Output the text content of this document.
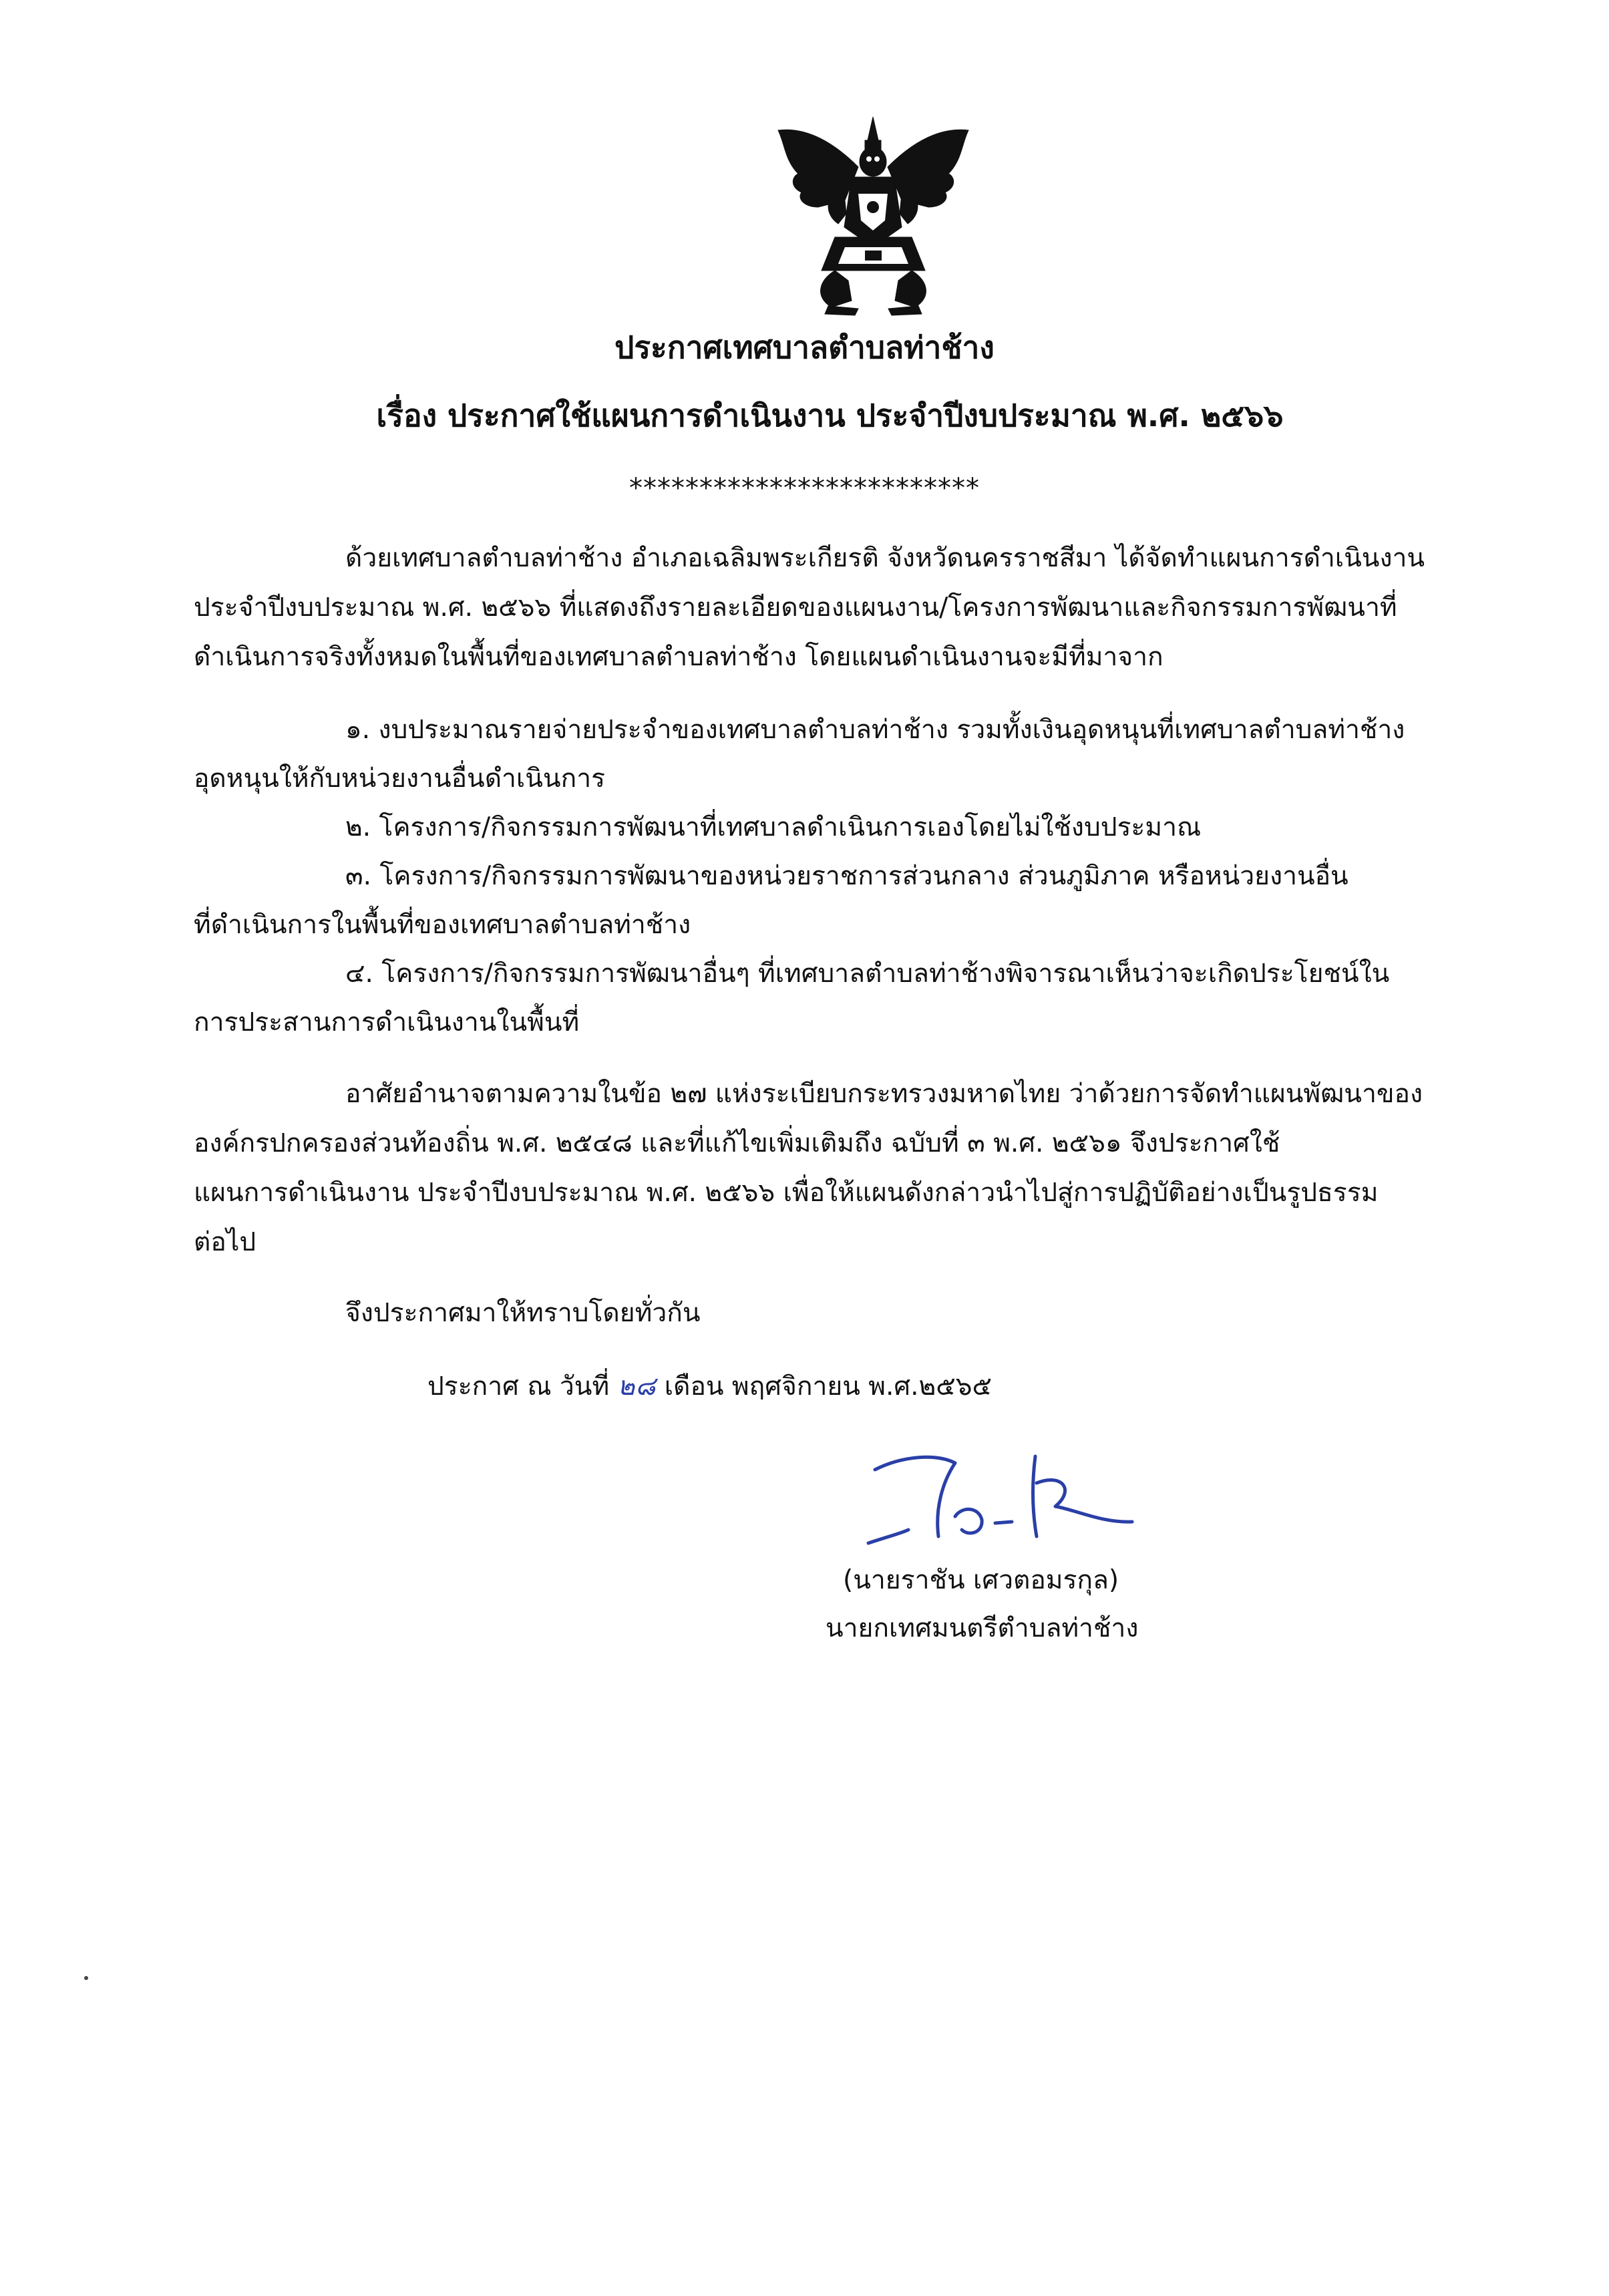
ประกาศเทศบาลตำบลท่าช้าง
เรื่อง ประกาศใช้แผนการดำเนินงาน ประจำปีงบประมาณ พ.ศ. ๒๕๖๖
*************************
ด้วยเทศบาลตำบลท่าช้าง อำเภอเฉลิมพระเกียรติ จังหวัดนครราชสีมา ได้จัดทำแผนการดำเนินงาน
ประจำปีงบประมาณ พ.ศ. ๒๕๖๖ ที่แสดงถึงรายละเอียดของแผนงาน/โครงการพัฒนาและกิจกรรมการพัฒนาที่
ดำเนินการจริงทั้งหมดในพื้นที่ของเทศบาลตำบลท่าช้าง โดยแผนดำเนินงานจะมีที่มาจาก
๑. งบประมาณรายจ่ายประจำของเทศบาลตำบลท่าช้าง รวมทั้งเงินอุดหนุนที่เทศบาลตำบลท่าช้าง
อุดหนุนให้กับหน่วยงานอื่นดำเนินการ
๒. โครงการ/กิจกรรมการพัฒนาที่เทศบาลดำเนินการเองโดยไม่ใช้งบประมาณ
๓. โครงการ/กิจกรรมการพัฒนาของหน่วยราชการส่วนกลาง ส่วนภูมิภาค หรือหน่วยงานอื่น
ที่ดำเนินการในพื้นที่ของเทศบาลตำบลท่าช้าง
๔. โครงการ/กิจกรรมการพัฒนาอื่นๆ ที่เทศบาลตำบลท่าช้างพิจารณาเห็นว่าจะเกิดประโยชน์ใน
การประสานการดำเนินงานในพื้นที่
อาศัยอำนาจตามความในข้อ ๒๗ แห่งระเบียบกระทรวงมหาดไทย ว่าด้วยการจัดทำแผนพัฒนาของ
องค์กรปกครองส่วนท้องถิ่น พ.ศ. ๒๕๔๘ และที่แก้ไขเพิ่มเติมถึง ฉบับที่ ๓ พ.ศ. ๒๕๖๑ จึงประกาศใช้
แผนการดำเนินงาน ประจำปีงบประมาณ พ.ศ. ๒๕๖๖ เพื่อให้แผนดังกล่าวนำไปสู่การปฏิบัติอย่างเป็นรูปธรรม
ต่อไป
จึงประกาศมาให้ทราบโดยทั่วกัน
ประกาศ ณ วันที่ ๒๘ เดือน พฤศจิกายน พ.ศ.๒๕๖๕
(นายราชัน เศวตอมรกุล)
นายกเทศมนตรีตำบลท่าช้าง
